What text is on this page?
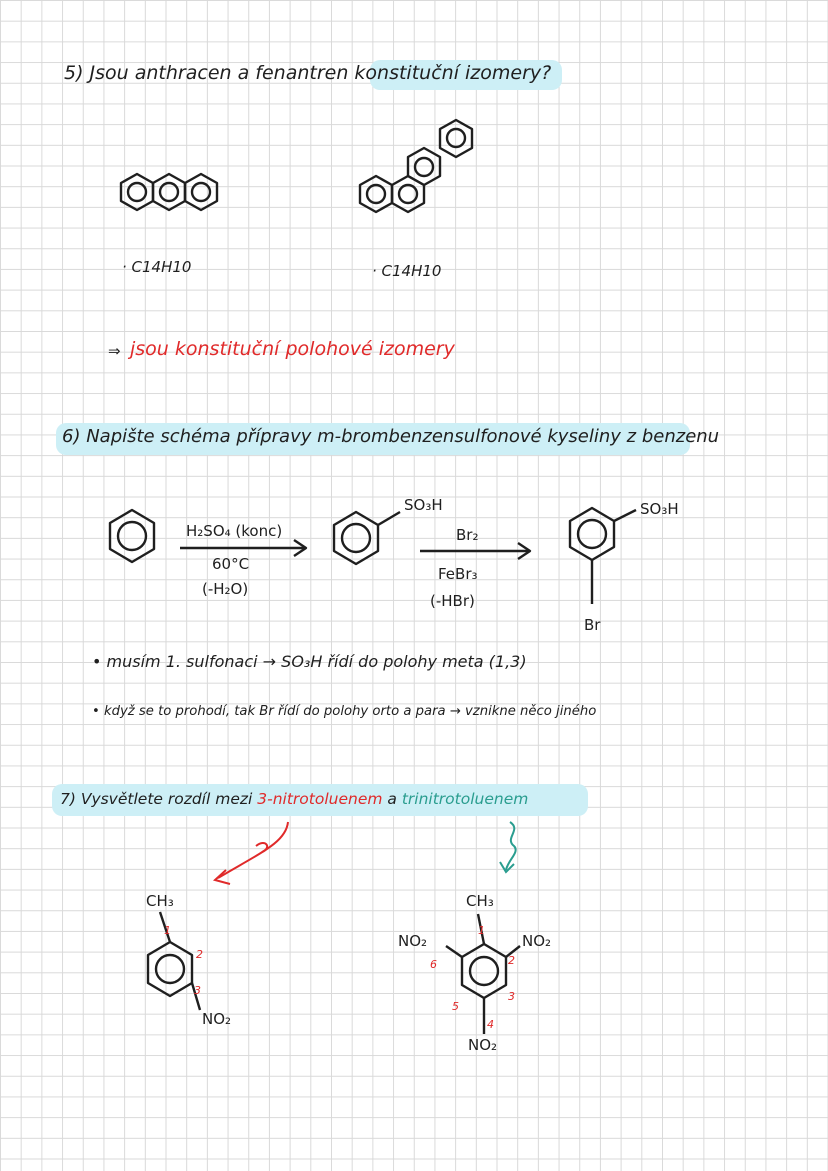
5) Jsou anthracen a fenantren konstituční izomery?
· C14H10	· C14H10
⇒ jsou konstituční polohové izomery
6) Napište schéma přípravy m-brombenzensulfonové kyseliny z benzenu
H₂SO₄ (konc)
60°C
(-H₂O)
SO₃H
Br₂
FeBr₃
(-HBr)
SO₃H
Br
• musím 1. sulfonaci → SO₃H řídí do polohy meta (1,3)
• když se to prohodí, tak Br řídí do polohy orto a para → vznikne něco jiného
7) Vysvětlete rozdíl mezi 3-nitrotoluenem a trinitrotoluenem
CH₃
1
2
3
NO₂
CH₃
NO₂	NO₂
NO₂
1
2
3
4
5
6
